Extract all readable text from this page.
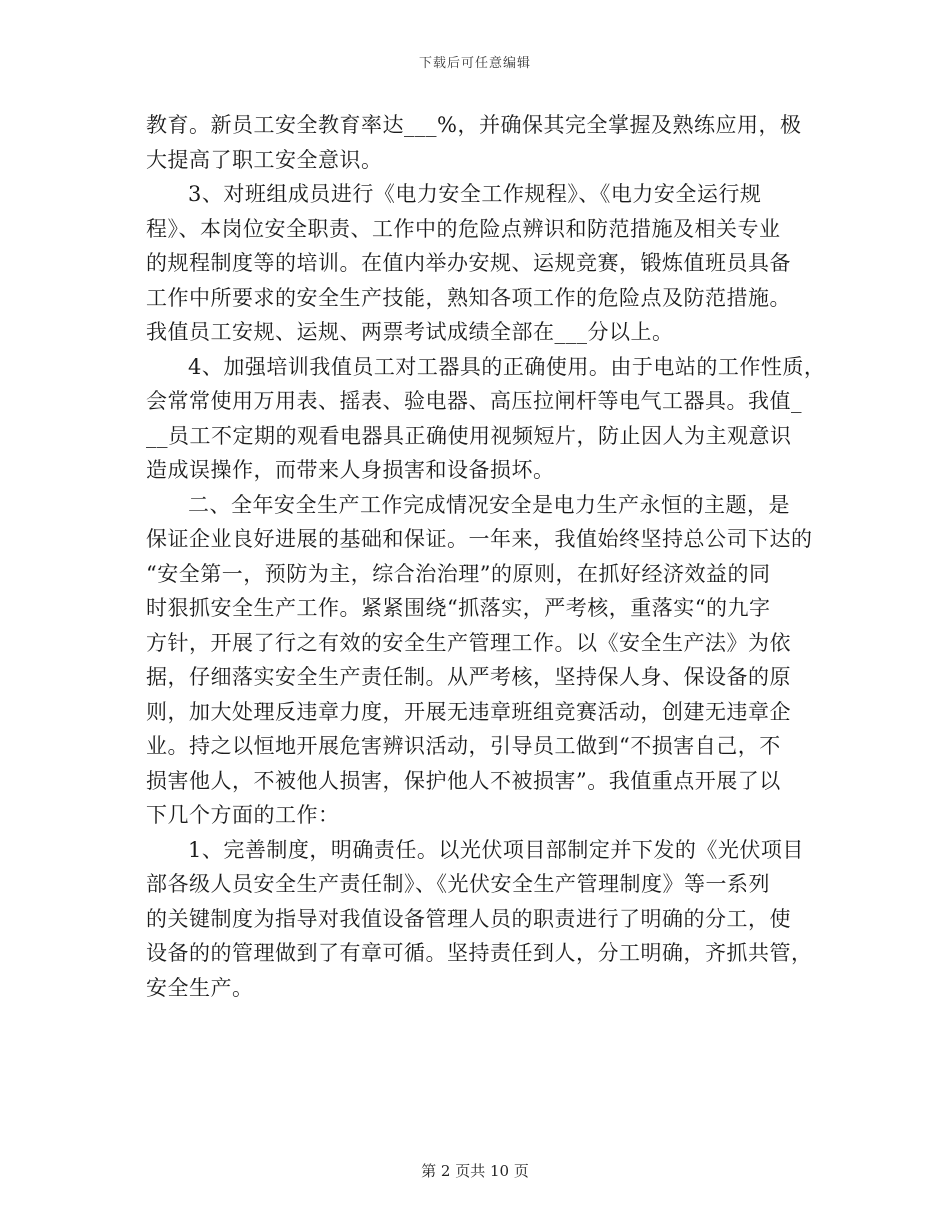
下载后可任意编辑
教育。新员工安全教育率达___%，并确保其完全掌握及熟练应用，极
大提高了职工安全意识。
3、对班组成员进行《电力安全工作规程》、《电力安全运行规
程》、本岗位安全职责、工作中的危险点辨识和防范措施及相关专业
的规程制度等的培训。在值内举办安规、运规竞赛，锻炼值班员具备
工作中所要求的安全生产技能，熟知各项工作的危险点及防范措施。
我值员工安规、运规、两票考试成绩全部在___分以上。
4、加强培训我值员工对工器具的正确使用。由于电站的工作性质，
会常常使用万用表、摇表、验电器、高压拉闸杆等电气工器具。我值_
__员工不定期的观看电器具正确使用视频短片，防止因人为主观意识
造成误操作，而带来人身损害和设备损坏。
二、全年安全生产工作完成情况安全是电力生产永恒的主题，是
保证企业良好进展的基础和保证。一年来，我值始终坚持总公司下达的
“安全第一，预防为主，综合治治理”的原则，在抓好经济效益的同
时狠抓安全生产工作。紧紧围绕“抓落实，严考核，重落实“的九字
方针，开展了行之有效的安全生产管理工作。以《安全生产法》为依
据，仔细落实安全生产责任制。从严考核，坚持保人身、保设备的原
则，加大处理反违章力度，开展无违章班组竞赛活动，创建无违章企
业。持之以恒地开展危害辨识活动，引导员工做到“不损害自己，不
损害他人，不被他人损害，保护他人不被损害”。我值重点开展了以
下几个方面的工作：
1、完善制度，明确责任。以光伏项目部制定并下发的《光伏项目
部各级人员安全生产责任制》、《光伏安全生产管理制度》等一系列
的关键制度为指导对我值设备管理人员的职责进行了明确的分工，使
设备的的管理做到了有章可循。坚持责任到人，分工明确，齐抓共管，
安全生产。
第 2 页共 10 页
